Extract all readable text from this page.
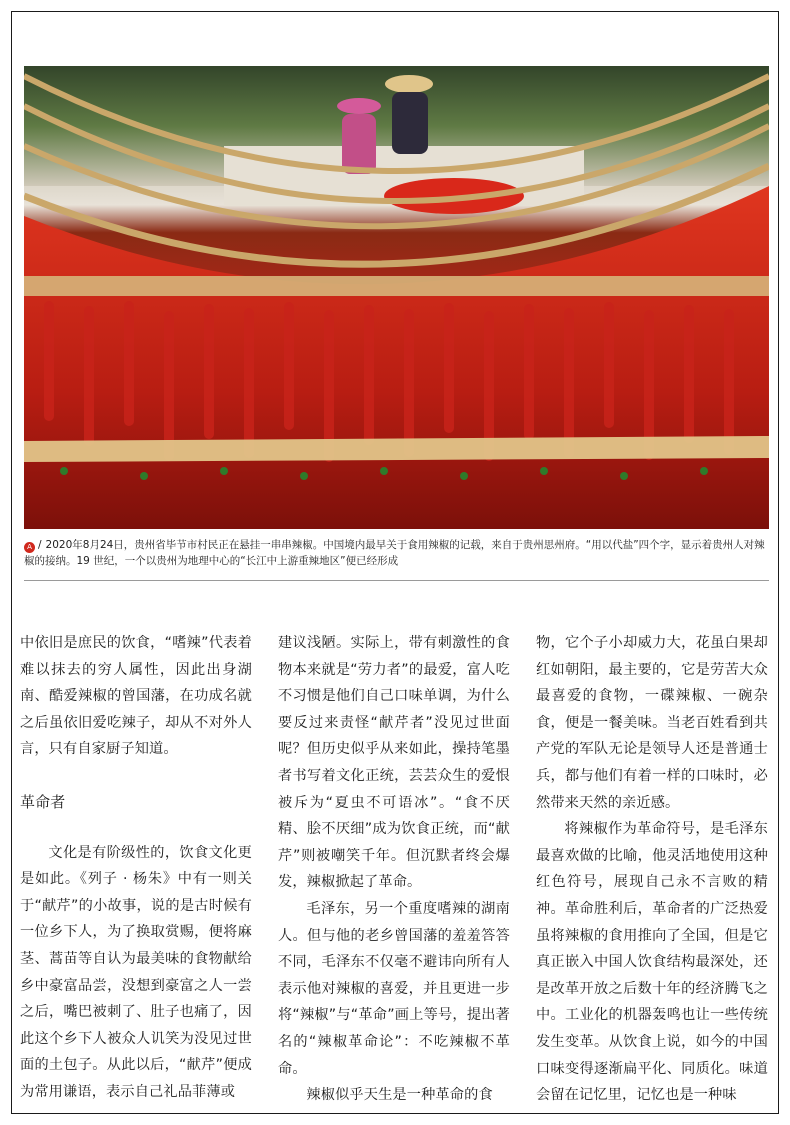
A / 2020年8月24日，贵州省毕节市村民正在悬挂一串串辣椒。中国境内最早关于食用辣椒的记载，来自于贵州思州府。“用以代盐”四个字，显示着贵州人对辣椒的接纳。19 世纪，一个以贵州为地理中心的“长江中上游重辣地区”便已经形成

中依旧是庶民的饮食，“嗜辣”代表着难以抹去的穷人属性，因此出身湖南、酷爱辣椒的曾国藩，在功成名就之后虽依旧爱吃辣子，却从不对外人言，只有自家厨子知道。

革命者

文化是有阶级性的，饮食文化更是如此。《列子 · 杨朱》中有一则关于“献芹”的小故事，说的是古时候有一位乡下人，为了换取赏赐，便将麻茎、蒿苗等自认为最美味的食物献给乡中豪富品尝，没想到豪富之人一尝之后，嘴巴被刺了、肚子也痛了，因此这个乡下人被众人讥笑为没见过世面的土包子。从此以后，“献芹”便成为常用谦语，表示自己礼品菲薄或

建议浅陋。实际上，带有刺激性的食物本来就是“劳力者”的最爱，富人吃不习惯是他们自己口味单调，为什么要反过来责怪“献芹者”没见过世面呢？但历史似乎从来如此，操持笔墨者书写着文化正统，芸芸众生的爱恨被斥为“夏虫不可语冰”。“食不厌精、脍不厌细”成为饮食正统，而“献芹”则被嘲笑千年。但沉默者终会爆发，辣椒掀起了革命。

毛泽东，另一个重度嗜辣的湖南人。但与他的老乡曾国藩的羞羞答答不同，毛泽东不仅毫不避讳向所有人表示他对辣椒的喜爱，并且更进一步将“辣椒”与“革命”画上等号，提出著名的“辣椒革命论”：不吃辣椒不革命。

辣椒似乎天生是一种革命的食

物，它个子小却威力大，花虽白果却红如朝阳，最主要的，它是劳苦大众最喜爱的食物，一碟辣椒、一碗杂食，便是一餐美味。当老百姓看到共产党的军队无论是领导人还是普通士兵，都与他们有着一样的口味时，必然带来天然的亲近感。

将辣椒作为革命符号，是毛泽东最喜欢做的比喻，他灵活地使用这种红色符号，展现自己永不言败的精神。革命胜利后，革命者的广泛热爱虽将辣椒的食用推向了全国，但是它真正嵌入中国人饮食结构最深处，还是改革开放之后数十年的经济腾飞之中。工业化的机器轰鸣也让一些传统发生变革。从饮食上说，如今的中国口味变得逐渐扁平化、同质化。味道会留在记忆里，记忆也是一种味
